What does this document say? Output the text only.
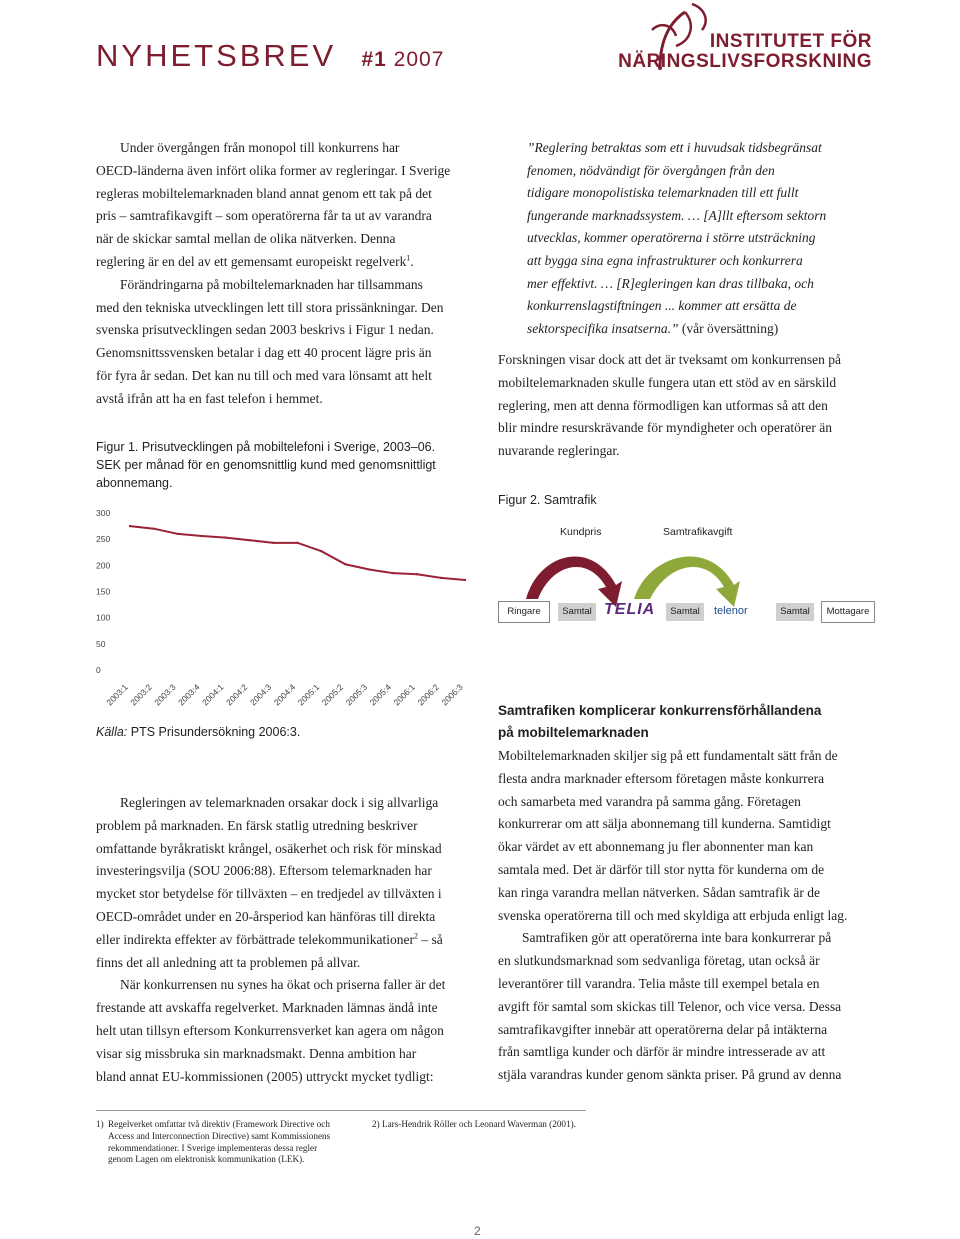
NYHETSBREV #1 2007
INSTITUTET FÖR
NÄRINGSLIVSFORSKNING

Under övergången från monopol till konkurrens har
OECD-länderna även infört olika former av regleringar. I Sverige
regleras mobiltelemarknaden bland annat genom ett tak på det
pris – samtrafikavgift – som operatörerna får ta ut av varandra
när de skickar samtal mellan de olika nätverken. Denna
reglering är en del av ett gemensamt europeiskt regelverk$^1$.

Förändringarna på mobiltelemarknaden har tillsammans
med den tekniska utvecklingen lett till stora prissänkningar. Den
svenska prisutvecklingen sedan 2003 beskrivs i Figur 1 nedan.
Genomsnittssvensken betalar i dag ett 40 procent lägre pris än
för fyra år sedan. Det kan nu till och med vara lönsamt att helt
avstå ifrån att ha en fast telefon i hemmet.

Figur 1. Prisutvecklingen på mobiltelefoni i Sverige, 2003–06.
SEK per månad för en genomsnittlig kund med genomsnittligt abonnemang.
300
250
200
150
100
50
0
2003:1
2003:2
2003:3
2003:4
2004:1
2004:2
2004:3
2004:4
2005:1
2005:2
2005:3
2005:4
2006:1
2006:2
2006:3
Källa: PTS Prisundersökning 2006:3.

Regleringen av telemarknaden orsakar dock i sig allvarliga
problem på marknaden. En färsk statlig utredning beskriver
omfattande byråkratiskt krångel, osäkerhet och risk för minskad
investeringsvilja (SOU 2006:88). Eftersom telemarknaden har
mycket stor betydelse för tillväxten – en tredjedel av tillväxten i
OECD-området under en 20-årsperiod kan hänföras till direkta
eller indirekta effekter av förbättrade telekommunikationer$^2$ – så
finns det all anledning att ta problemen på allvar.

När konkurrensen nu synes ha ökat och priserna faller är det
frestande att avskaffa regelverket. Marknaden lämnas ändå inte
helt utan tillsyn eftersom Konkurrensverket kan agera om någon
visar sig missbruka sin marknadsmakt. Denna ambition har
bland annat EU-kommissionen (2005) uttryckt mycket tydligt:

”Reglering betraktas som ett i huvudsak tidsbegränsat
fenomen, nödvändigt för övergången från den
tidigare monopolistiska telemarknaden till ett fullt
fungerande marknadssystem. … [A]llt eftersom sektorn
utvecklas, kommer operatörerna i större utsträckning
att bygga sina egna infrastrukturer och konkurrera
mer effektivt. … [R]egleringen kan dras tillbaka, och
konkurrenslagstiftningen ... kommer att ersätta de
sektorspecifika insatserna.” (vår översättning)

Forskningen visar dock att det är tveksamt om konkurrensen på
mobiltelemarknaden skulle fungera utan ett stöd av en särskild
reglering, men att denna förmodligen kan utformas så att den
blir mindre resurskrävande för myndigheter och operatörer än
nuvarande regleringar.

Figur 2. Samtrafik
Kundpris	Samtrafikavgift
Ringare	Samtal TELIA	Samtal	telenor	Samtal	Mottagare
Samtrafiken komplicerar konkurrensförhållandena
på mobiltelemarknaden

Mobiltelemarknaden skiljer sig på ett fundamentalt sätt från de
flesta andra marknader eftersom företagen måste konkurrera
och samarbeta med varandra på samma gång. Företagen
konkurrerar om att sälja abonnemang till kunderna. Samtidigt
ökar värdet av ett abonnemang ju fler abonnenter man kan
samtala med. Det är därför till stor nytta för kunderna om de
kan ringa varandra mellan nätverken. Sådan samtrafik är de
svenska operatörerna till och med skyldiga att erbjuda enligt lag.

Samtrafiken gör att operatörerna inte bara konkurrerar på
en slutkundsmarknad som sedvanliga företag, utan också är
leverantörer till varandra. Telia måste till exempel betala en
avgift för samtal som skickas till Telenor, och vice versa. Dessa
samtrafikavgifter innebär att operatörerna delar på intäkterna
från samtliga kunder och därför är mindre intresserade av att
stjäla varandras kunder genom sänkta priser. På grund av denna

1) Regelverket omfattar två direktiv (Framework Directive och
Access and Interconnection Directive) samt Kommissionens
rekommendationer. I Sverige implementeras dessa regler
genom Lagen om elektronisk kommunikation (LEK).
2) Lars-Hendrik Röller och Leonard Waverman (2001).
2
